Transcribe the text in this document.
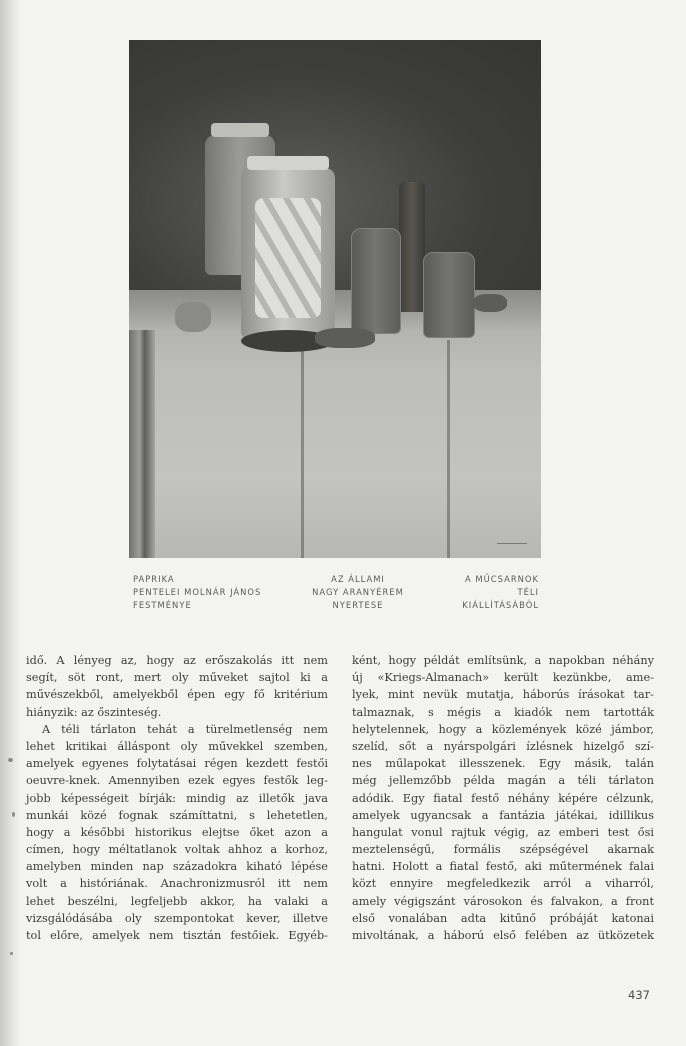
PAPRIKA
PENTELEI MOLNÁR JÁNOS
FESTMÉNYE
AZ ÁLLAMI
NAGY ARANYÉREM
NYERTESE
A MŰCSARNOK
TÉLI
KIÁLLÍTÁSÁBÓL
idő. A lényeg az, hogy az erőszakolás itt nem
segít, söt ront, mert oly műveket sajtol ki a
művészekből, amelyekből épen egy fő kritérium
hiányzik: az őszinteség.
A téli tárlaton tehát a türelmetlenség nem
lehet kritikai álláspont oly művekkel szemben,
amelyek egyenes folytatásai régen kezdett festői
oeuvre-knek. Amennyiben ezek egyes festők leg-
jobb képességeit bírják: mindig az illetők java
munkái közé fognak számíttatni, s lehetetlen,
hogy a későbbi historikus elejtse őket azon a
címen, hogy méltatlanok voltak ahhoz a korhoz,
amelyben minden nap századokra kiható lépése
volt a históriának. Anachronizmusról itt nem
lehet beszélni, legfeljebb akkor, ha valaki a
vizsgálódásába oly szempontokat kever, illetve
tol előre, amelyek nem tisztán festőiek. Egyéb-
ként, hogy példát említsünk, a napokban néhány
új «Kriegs-Almanach» került kezünkbe, ame-
lyek, mint nevük mutatja, háborús írásokat tar-
talmaznak, s mégis a kiadók nem tartották
helytelennek, hogy a közlemények közé jámbor,
szelíd, sőt a nyárspolgári ízlésnek hizelgő szí-
nes műlapokat illesszenek. Egy másik, talán
még jellemzőbb példa magán a téli tárlaton
adódik. Egy fiatal festő néhány képére célzunk,
amelyek ugyancsak a fantázia játékai, idillikus
hangulat vonul rajtuk végig, az emberi test ősi
meztelenségű, formális szépségével akarnak
hatni. Holott a fiatal festő, aki műtermének falai
közt ennyire megfeledkezik arról a viharról,
amely végigszánt városokon és falvakon, a front
első vonalában adta kitűnő próbáját katonai
mivoltának, a háború első felében az ütközetek
437
